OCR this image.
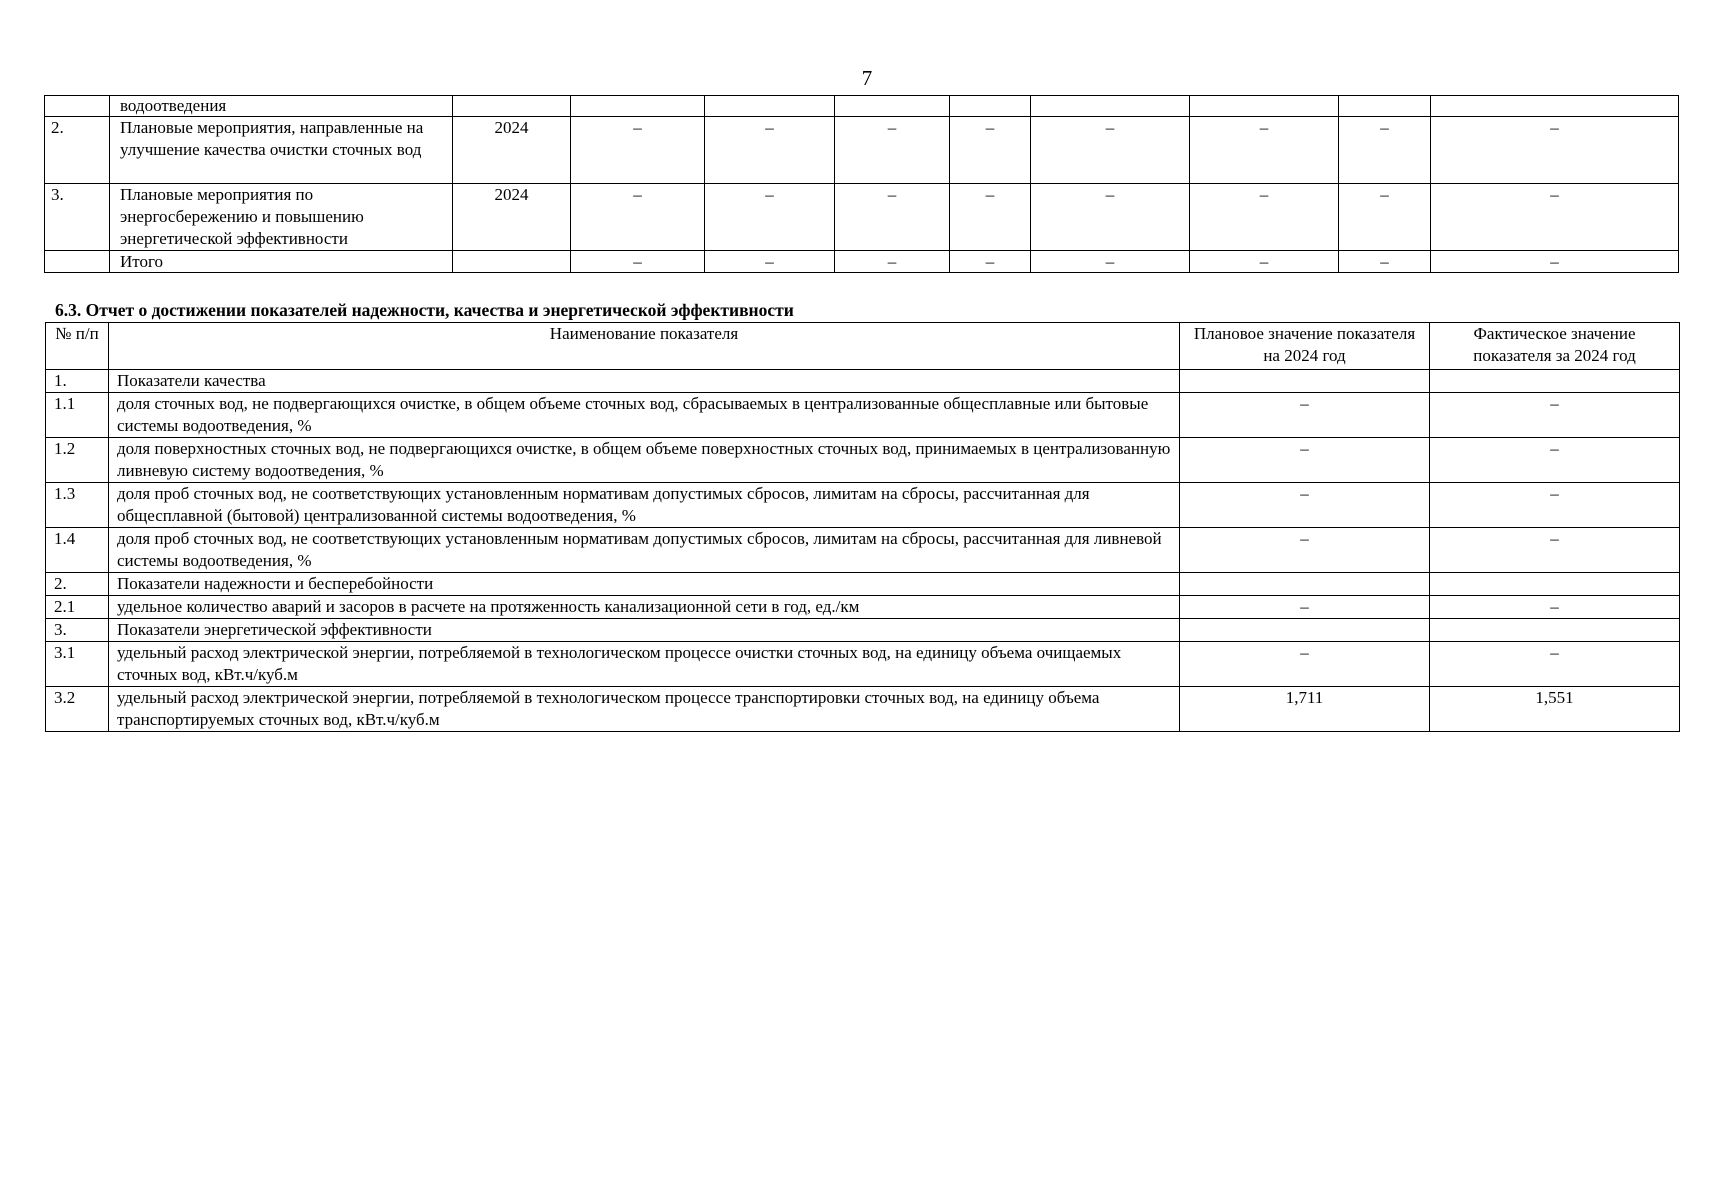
7
	водоотведения										
2.	Плановые мероприятия, направленные на улучшение качества очистки сточных вод	2024	–	–	–	–	–	–	–	–	
3.	Плановые мероприятия по энергосбережению и повышению энергетической эффективности	2024	–	–	–	–	–	–	–	–	
	Итого		–	–	–	–	–	–	–	–	
6.3. Отчет о достижении показателей надежности, качества и энергетической эффективности
№ п/п	Наименование показателя	Плановое значение показателя на 2024 год	Фактическое значение показателя за 2024 год
1.	Показатели качества		
1.1	доля сточных вод, не подвергающихся очистке, в общем объеме сточных вод, сбрасываемых в централизованные общесплавные или бытовые системы водоотведения, %	–	–
1.2	доля поверхностных сточных вод, не подвергающихся очистке, в общем объеме поверхностных сточных вод, принимаемых в централизованную ливневую систему водоотведения, %	–	–
1.3	доля проб сточных вод, не соответствующих установленным нормативам допустимых сбросов, лимитам на сбросы, рассчитанная для общесплавной (бытовой) централизованной системы водоотведения, %	–	–
1.4	доля проб сточных вод, не соответствующих установленным нормативам допустимых сбросов, лимитам на сбросы, рассчитанная для ливневой системы водоотведения, %	–	–
2.	Показатели надежности и бесперебойности		
2.1	удельное количество аварий и засоров в расчете на протяженность канализационной сети в год, ед./км	–	–
3.	Показатели энергетической эффективности		
3.1	удельный расход электрической энергии, потребляемой в технологическом процессе очистки сточных вод, на единицу объема очищаемых сточных вод, кВт.ч/куб.м	–	–
3.2	удельный расход электрической энергии, потребляемой в технологическом процессе транспортировки сточных вод, на единицу объема транспортируемых сточных вод, кВт.ч/куб.м	1,711	1,551
